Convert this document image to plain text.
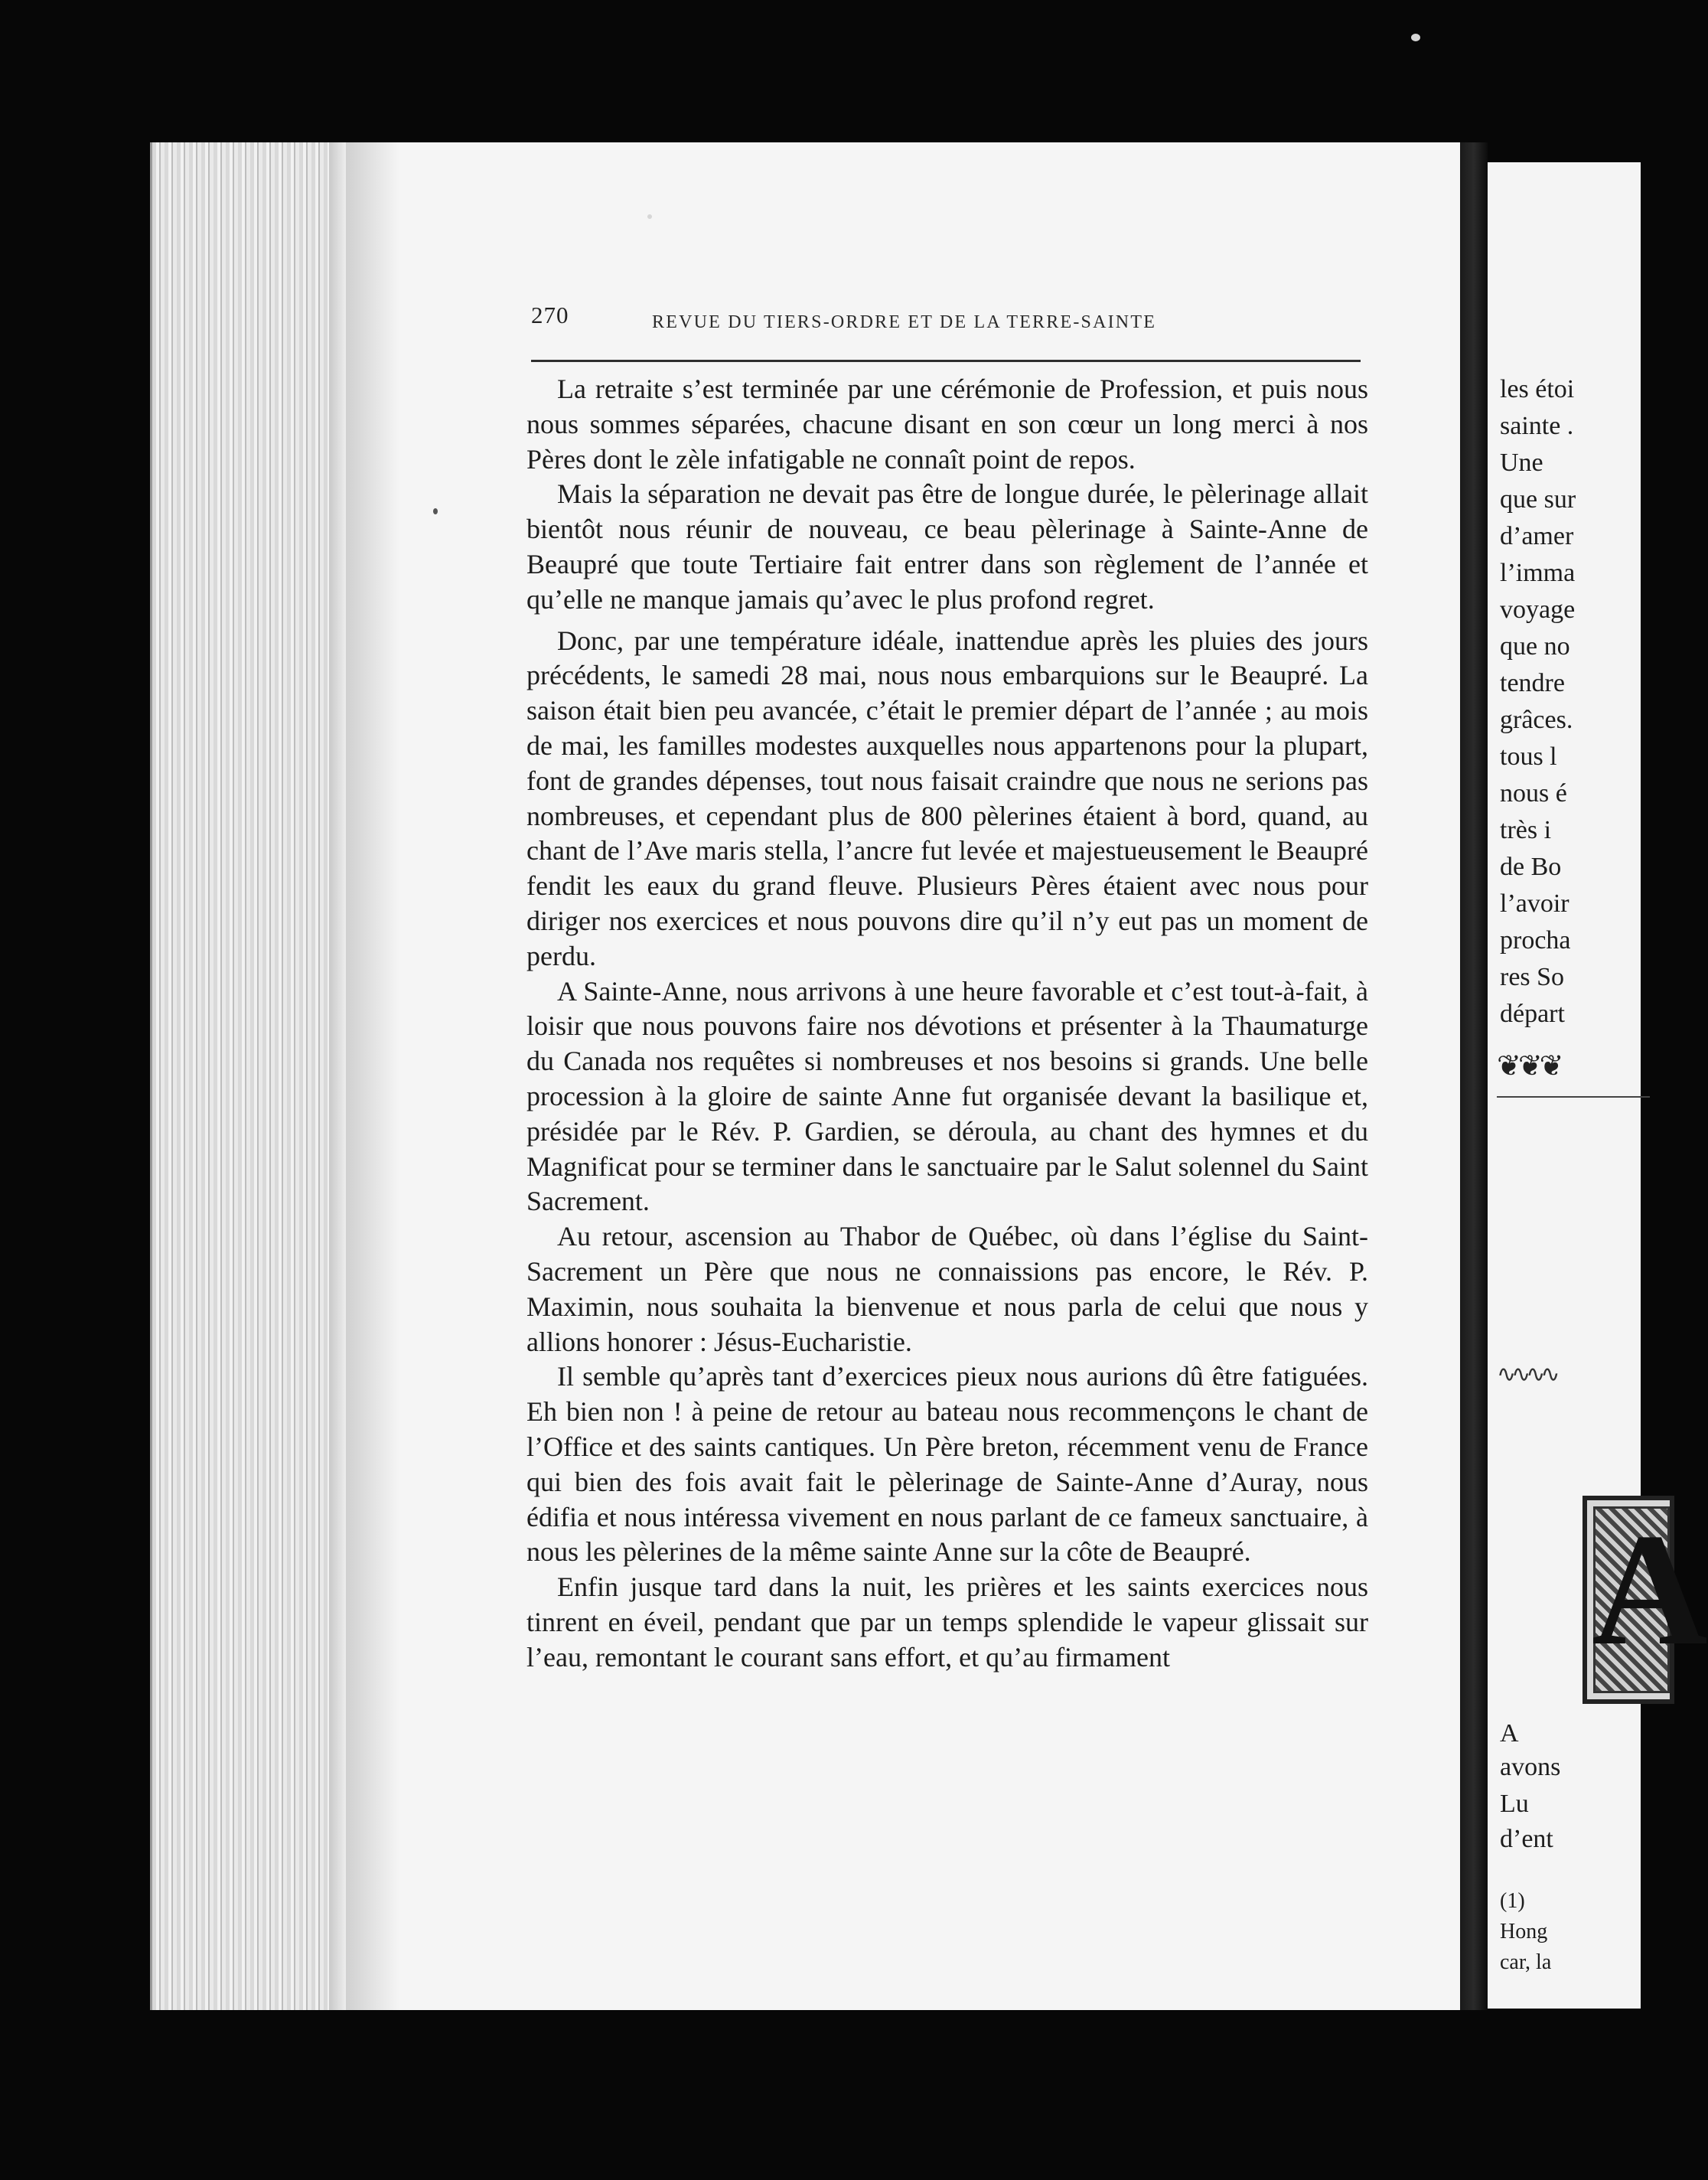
270	REVUE DU TIERS-ORDRE ET DE LA TERRE-SAINTE

La retraite s’est terminée par une cérémonie de Profession, et puis nous nous sommes séparées, chacune disant en son cœur un long merci à nos Pères dont le zèle infatigable ne connaît point de repos.

Mais la séparation ne devait pas être de longue durée, le pèlerinage allait bientôt nous réunir de nouveau, ce beau pèlerinage à Sainte-Anne de Beaupré que toute Tertiaire fait entrer dans son règlement de l’année et qu’elle ne manque jamais qu’avec le plus profond regret.

Donc, par une température idéale, inattendue après les pluies des jours précédents, le samedi 28 mai, nous nous embarquions sur le Beaupré. La saison était bien peu avancée, c’était le premier départ de l’année ; au mois de mai, les familles modestes auxquelles nous appartenons pour la plupart, font de grandes dépenses, tout nous faisait craindre que nous ne serions pas nombreuses, et cependant plus de 800 pèlerines étaient à bord, quand, au chant de l’Ave maris stella, l’ancre fut levée et majestueusement le Beaupré fendit les eaux du grand fleuve. Plusieurs Pères étaient avec nous pour diriger nos exercices et nous pouvons dire qu’il n’y eut pas un moment de perdu.

A Sainte-Anne, nous arrivons à une heure favorable et c’est tout-à-fait, à loisir que nous pouvons faire nos dévotions et présenter à la Thaumaturge du Canada nos requêtes si nombreuses et nos besoins si grands. Une belle procession à la gloire de sainte Anne fut organisée devant la basilique et, présidée par le Rév. P. Gardien, se déroula, au chant des hymnes et du Magnificat pour se terminer dans le sanctuaire par le Salut solennel du Saint Sacrement.

Au retour, ascension au Thabor de Québec, où dans l’église du Saint-Sacrement un Père que nous ne connaissions pas encore, le Rév. P. Maximin, nous souhaita la bienvenue et nous parla de celui que nous y allions honorer : Jésus-Eucharistie.

Il semble qu’après tant d’exercices pieux nous aurions dû être fatiguées. Eh bien non ! à peine de retour au bateau nous recommençons le chant de l’Office et des saints cantiques. Un Père breton, récemment venu de France qui bien des fois avait fait le pèlerinage de Sainte-Anne d’Auray, nous édifia et nous intéressa vivement en nous parlant de ce fameux sanctuaire, à nous les pèlerines de la même sainte Anne sur la côte de Beaupré.

Enfin jusque tard dans la nuit, les prières et les saints exercices nous tinrent en éveil, pendant que par un temps splendide le vapeur glissait sur l’eau, remontant le courant sans effort, et qu’au firmament

les étoi
sainte .
Une
que sur
d’amer
l’imma
voyage
que no
tendre
grâces.
tous l
nous é
très i
de Bo
l’avoir
procha
res So
départ
❦❦❦
∿∿∿∿
A
A
avons
Lu
d’ent
(1)
Hong
car, la
